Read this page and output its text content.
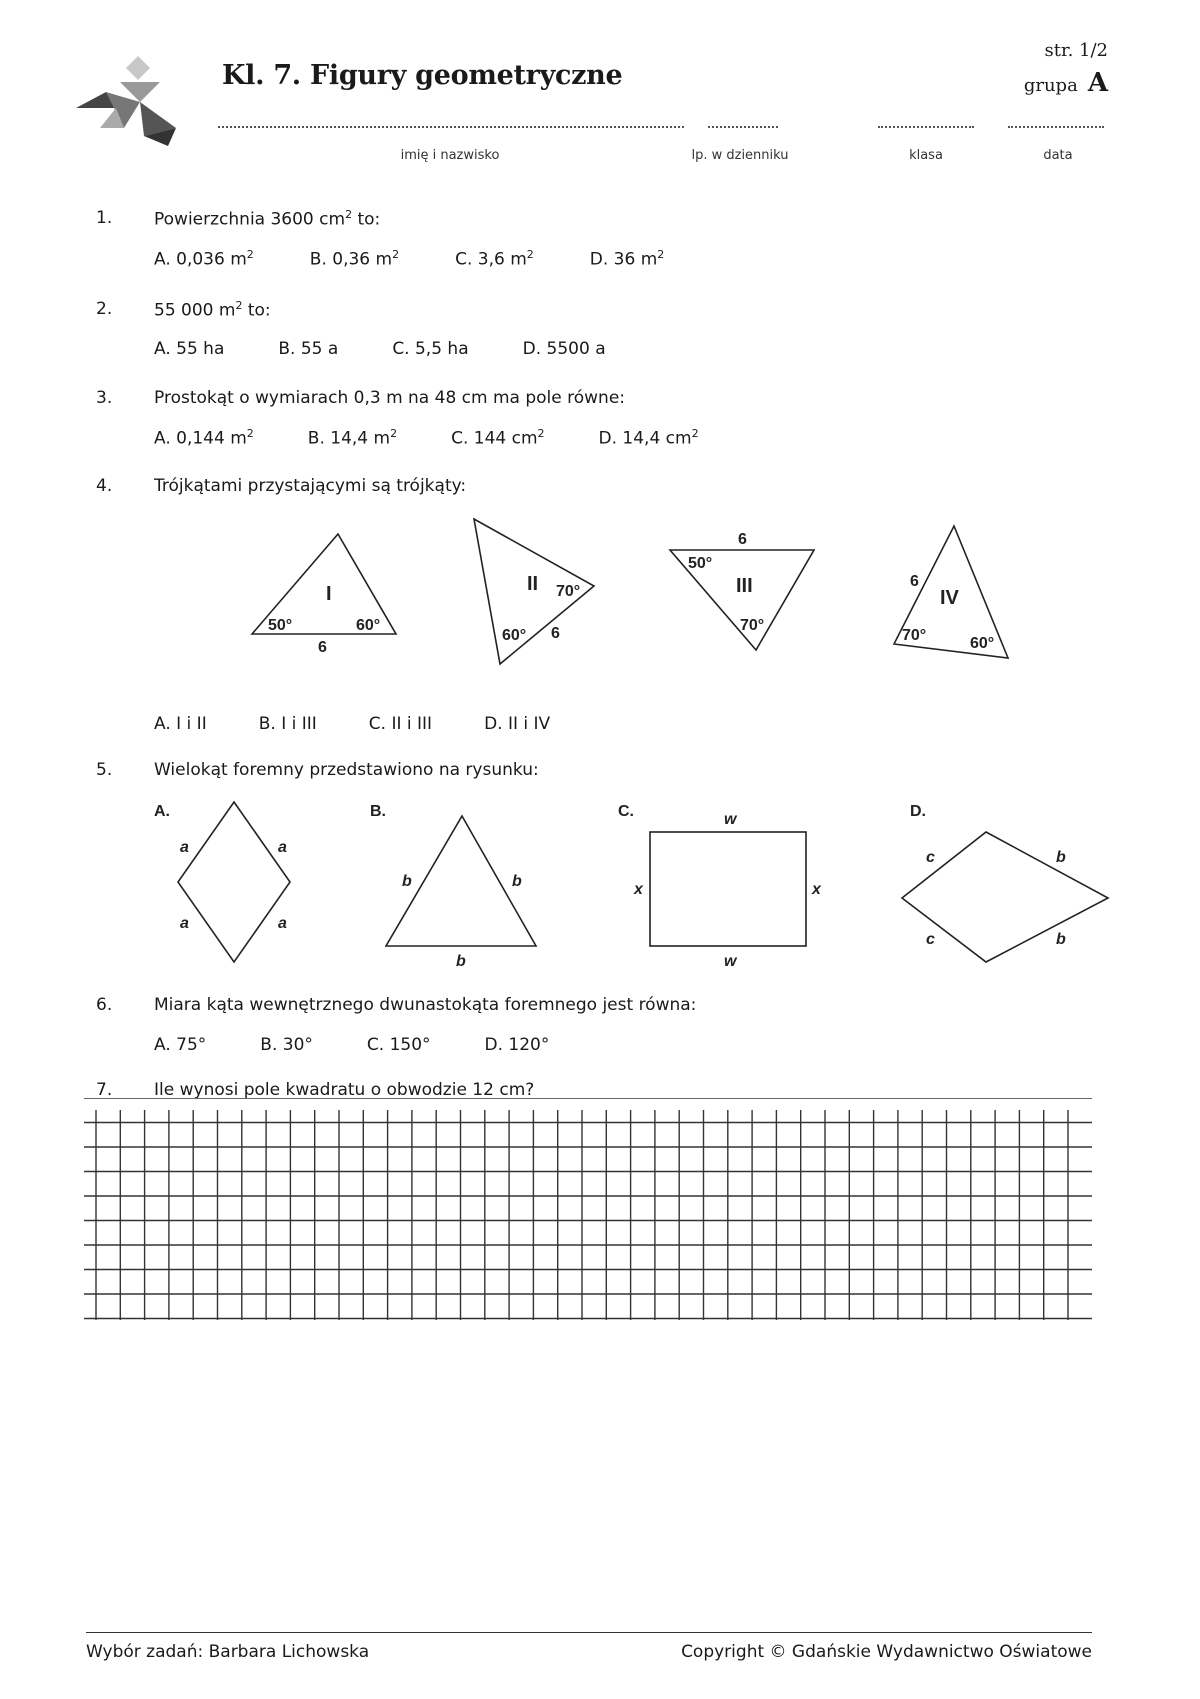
Kl. 7. Figury geometryczne
str. 1/2
grupa A
imię i nazwisko	lp. w dzienniku	klasa	data
1. Powierzchnia 3600 $cm^2$ to:
A. 0,036 $m^2$	B. 0,36 $m^2$	C. 3,6 $m^2$	D. 36 $m^2$
2. 55 000 $m^2$ to:
A. 55 ha	B. 55 a	C. 5,5 ha	D. 5500 a
3. Prostokąt o wymiarach 0,3 m na 48 cm ma pole równe:
A. 0,144 $m^2$	B. 14,4 $m^2$	C. 144 $cm^2$	D. 14,4 $cm^2$
4. Trójkątami przystającymi są trójkąty:
I
50°	60°
6
II 70°
60° 6
III
50°
70°
6
IV
70°	60°
6
A. I i II	B. I i III	C. II i III	D. II i IV
5. Wielokąt foremny przedstawiono na rysunku:
A.	B.	C.	D.
a	a
a	a
b	b
b
w
w
x	x
c	b
c	b
6. Miara kąta wewnętrznego dwunastokąta foremnego jest równa:
A. 75°	B. 30°	C. 150°	D. 120°
7. Ile wynosi pole kwadratu o obwodzie 12 cm?
Wybór zadań: Barbara Lichowska	Copyright © Gdańskie Wydawnictwo Oświatowe
